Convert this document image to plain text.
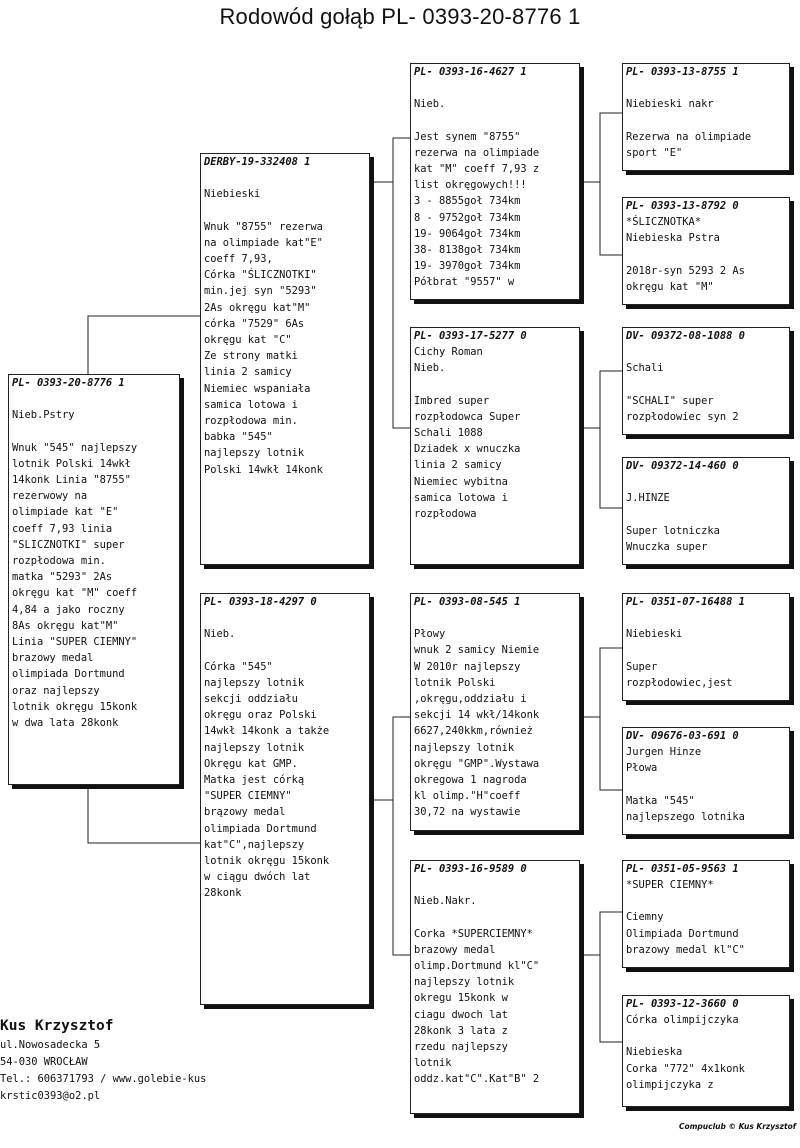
Rodowód gołąb PL- 0393-20-8776 1
PL- 0393-20-8776 1

Nieb.Pstry

Wnuk "545" najlepszy
lotnik Polski 14wkł
14konk Linia "8755"
rezerwowy na
olimpiade kat "E"
coeff 7,93 linia
"SLICZNOTKI" super
rozpłodowa min.
matka "5293" 2As
okręgu kat "M" coeff
4,84 a jako roczny
8As okręgu kat"M"
Linia "SUPER CIEMNY"
brazowy medal
olimpiada Dortmund
oraz najlepszy
lotnik okręgu 15konk
w dwa lata 28konk
DERBY-19-332408 1

Niebieski

Wnuk "8755" rezerwa
na olimpiade kat"E"
coeff 7,93,
Córka "ŚLICZNOTKI"
min.jej syn "5293"
2As okręgu kat"M"
córka "7529" 6As
okręgu kat "C"
Ze strony matki
linia 2 samicy
Niemiec wspaniała
samica lotowa i
rozpłodowa min.
babka "545"
najlepszy lotnik
Polski 14wkł 14konk
PL- 0393-18-4297 0

Nieb.

Córka "545"
najlepszy lotnik
sekcji oddziału
okręgu oraz Polski
14wkł 14konk a także
najlepszy lotnik
Okręgu kat GMP.
Matka jest córką
"SUPER CIEMNY"
brązowy medal
olimpiada Dortmund
kat"C",najlepszy
lotnik okręgu 15konk
w ciągu dwóch lat
28konk
PL- 0393-16-4627 1

Nieb.

Jest synem "8755"
rezerwa na olimpiade
kat "M" coeff 7,93 z
list okręgowych!!!
3 - 8855goł 734km
8 - 9752goł 734km
19- 9064goł 734km
38- 8138goł 734km
19- 3970goł 734km
Półbrat "9557" w
PL- 0393-17-5277 0
Cichy Roman
Nieb.

Imbred super
rozpłodowca Super
Schali 1088
Dziadek x wnuczka
linia 2 samicy
Niemiec wybitna
samica lotowa i
rozpłodowa
PL- 0393-08-545 1

Płowy
wnuk 2 samicy Niemie
W 2010r najlepszy
lotnik Polski
,okręgu,oddziału i
sekcji 14 wkł/14konk
6627,240kkm,również
najlepszy lotnik
okręgu "GMP".Wystawa
okregowa 1 nagroda
kl olimp."H"coeff
30,72 na wystawie
PL- 0393-16-9589 0

Nieb.Nakr.

Corka *SUPERCIEMNY*
brazowy medal
olimp.Dortmund kl"C"
najlepszy lotnik
okregu 15konk w
ciagu dwoch lat
28konk 3 lata z
rzedu najlepszy
lotnik
oddz.kat"C".Kat"B" 2
PL- 0393-13-8755 1

Niebieski nakr

Rezerwa na olimpiade
sport "E"
PL- 0393-13-8792 0
*ŚLICZNOTKA*
Niebieska Pstra

2018r-syn 5293 2 As
okręgu kat "M"
DV- 09372-08-1088 0

Schali

"SCHALI" super
rozpłodowiec syn 2
DV- 09372-14-460 0

J.HINZE

Super lotniczka
Wnuczka super
PL- 0351-07-16488 1

Niebieski

Super
rozpłodowiec,jest
DV- 09676-03-691 0
Jurgen Hinze
Płowa

Matka "545"
najlepszego lotnika
PL- 0351-05-9563 1
*SUPER CIEMNY*

Ciemny
Olimpiada Dortmund
brazowy medal kl"C"
PL- 0393-12-3660 0
Córka olimpijczyka

Niebieska
Corka "772" 4x1konk
olimpijczyka z
Kus Krzysztof
ul.Nowosadecka 5
54-030 WROCŁAW
Tel.: 606371793 / www.golebie-kus
krstic0393@o2.pl
Compuclub © Kus Krzysztof
